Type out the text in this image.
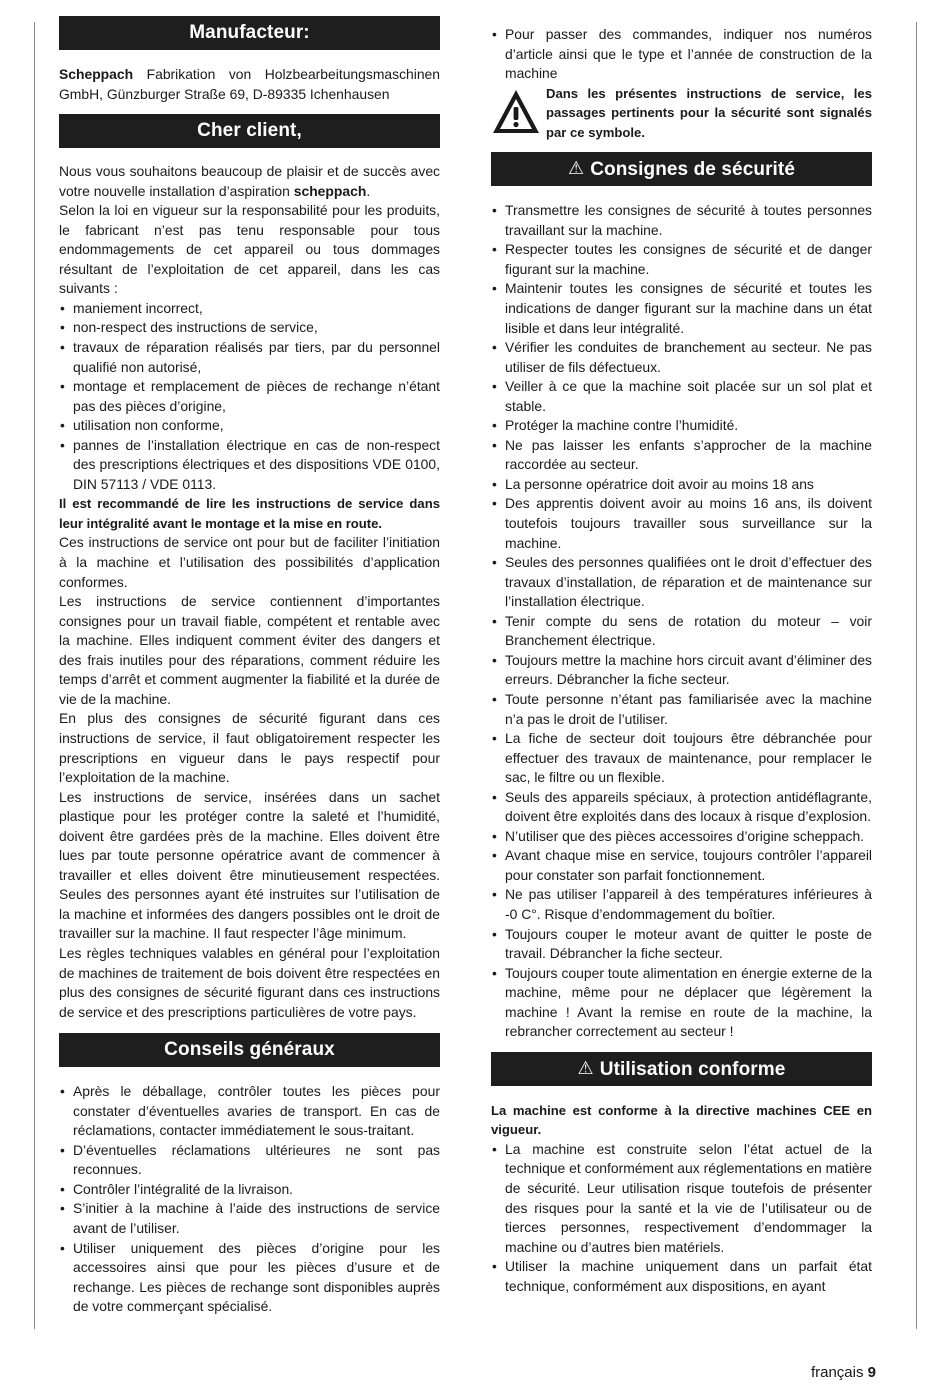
Manufacteur:

Scheppach Fabrikation von Holzbearbeitungsmaschinen GmbH, Günzburger Straße 69, D-89335 Ichenhausen

Cher client,

Nous vous souhaitons beaucoup de plaisir et de succès avec votre nouvelle installation d’aspiration scheppach.

Selon la loi en vigueur sur la responsabilité pour les produits, le fabricant n’est pas tenu responsable pour tous endommagements de cet appareil ou tous dommages résultant de l’exploitation de cet appareil, dans les cas suivants :

• maniement incorrect,
• non-respect des instructions de service,
• travaux de réparation réalisés par tiers, par du personnel qualifié non autorisé,
• montage et remplacement de pièces de rechange n’étant pas des pièces d’origine,
• utilisation non conforme,
• pannes de l’installation électrique en cas de non-respect des prescriptions électriques et des dispositions VDE 0100, DIN 57113 / VDE 0113.

Il est recommandé de lire les instructions de service dans leur intégralité avant le montage et la mise en route.

Ces instructions de service ont pour but de faciliter l’initiation à la machine et l’utilisation des possibilités d’application conformes.

Les instructions de service contiennent d’importantes consignes pour un travail fiable, compétent et rentable avec la machine. Elles indiquent comment éviter des dangers et des frais inutiles pour des réparations, comment réduire les temps d’arrêt et comment augmenter la fiabilité et la durée de vie de la machine.

En plus des consignes de sécurité figurant dans ces instructions de service, il faut obligatoirement respecter les prescriptions en vigueur dans le pays respectif pour l’exploitation de la machine.

Les instructions de service, insérées dans un sachet plastique pour les protéger contre la saleté et l’humidité, doivent être gardées près de la machine. Elles doivent être lues par toute personne opératrice avant de commencer à travailler et elles doivent être minutieusement respectées. Seules des personnes ayant été instruites sur l’utilisation de la machine et informées des dangers possibles ont le droit de travailler sur la machine. Il faut respecter l’âge minimum.

Les règles techniques valables en général pour l’exploitation de machines de traitement de bois doivent être respectées en plus des consignes de sécurité figurant dans ces instructions de service et des prescriptions particulières de votre pays.

Conseils généraux
• Après le déballage, contrôler toutes les pièces pour constater d’éventuelles avaries de transport. En cas de réclamations, contacter immédiatement le sous-traitant.
• D’éventuelles réclamations ultérieures ne sont pas reconnues.
• Contrôler l’intégralité de la livraison.
• S’initier à la machine à l’aide des instructions de service avant de l’utiliser.
• Utiliser uniquement des pièces d’origine pour les accessoires ainsi que pour les pièces d’usure et de rechange. Les pièces de rechange sont disponibles auprès de votre commerçant spécialisé.
• Pour passer des commandes, indiquer nos numéros d’article ainsi que le type et l’année de construction de la machine
Dans les présentes instructions de service, les passages pertinents pour la sécurité sont signalés par ce symbole.
⚠ Consignes de sécurité
• Transmettre les consignes de sécurité à toutes personnes travaillant sur la machine.
• Respecter toutes les consignes de sécurité et de danger figurant sur la machine.
• Maintenir toutes les consignes de sécurité et toutes les indications de danger figurant sur la machine dans un état lisible et dans leur intégralité.
• Vérifier les conduites de branchement au secteur. Ne pas utiliser de fils défectueux.
• Veiller à ce que la machine soit placée sur un sol plat et stable.
• Protéger la machine contre l’humidité.
• Ne pas laisser les enfants s’approcher de la machine raccordée au secteur.
• La personne opératrice doit avoir au moins 18 ans
• Des apprentis doivent avoir au moins 16 ans, ils doivent toutefois toujours travailler sous surveillance sur la machine.
• Seules des personnes qualifiées ont le droit d’effectuer des travaux d’installation, de réparation et de maintenance sur l’installation électrique.
• Tenir compte du sens de rotation du moteur – voir Branchement électrique.
• Toujours mettre la machine hors circuit avant d’éliminer des erreurs. Débrancher la fiche secteur.
• Toute personne n’étant pas familiarisée avec la machine n’a pas le droit de l’utiliser.
• La fiche de secteur doit toujours être débranchée pour effectuer des travaux de maintenance, pour remplacer le sac, le filtre ou un flexible.
• Seuls des appareils spéciaux, à protection antidéflagrante, doivent être exploités dans des locaux à risque d’explosion.
• N’utiliser que des pièces accessoires d’origine scheppach.
• Avant chaque mise en service, toujours contrôler l’appareil pour constater son parfait fonctionnement.
• Ne pas utiliser l’appareil à des températures inférieures à -0 C°. Risque d’endommagement du boîtier.
• Toujours couper le moteur avant de quitter le poste de travail. Débrancher la fiche secteur.
• Toujours couper toute alimentation en énergie externe de la machine, même pour ne déplacer que légèrement la machine ! Avant la remise en route de la machine, la rebrancher correctement au secteur !
⚠ Utilisation conforme

La machine est conforme à la directive machines CEE en vigueur.

• La machine est construite selon l’état actuel de la technique et conformément aux réglementations en matière de sécurité. Leur utilisation risque toutefois de présenter des risques pour la santé et la vie de l’utilisateur ou de tierces personnes, respectivement d’endommager la machine ou d’autres bien matériels.
• Utiliser la machine uniquement dans un parfait état technique, conformément aux dispositions, en ayant
français 9
